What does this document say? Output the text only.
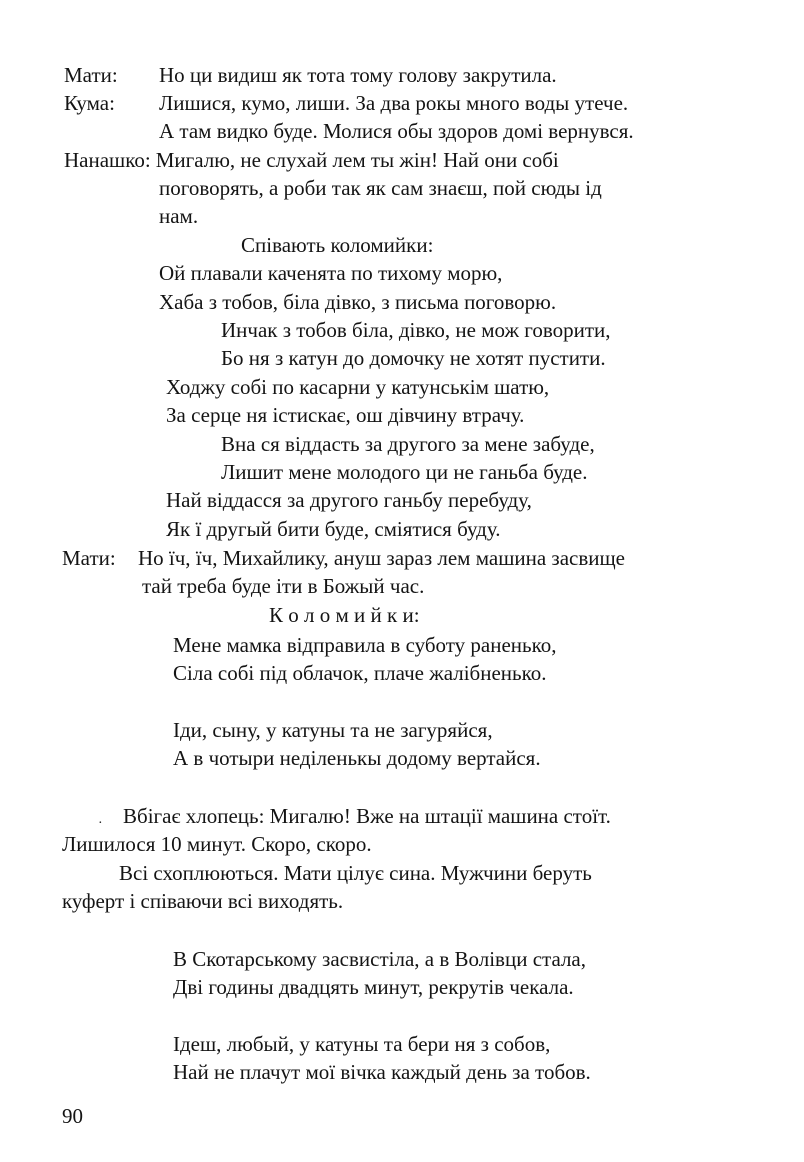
Мати: Но ци видиш як тота тому голову закрутила.
Кума: Лишися, кумо, лиши. За два рокы много воды утече.
А там видко буде. Молися обы здоров домі вернувся.
Нанашко: Мигалю, не слухай лем ты жін! Най они собі
поговорять, а роби так як сам знаєш, пой сюды ід
нам.
Співають коломийки:
Ой плавали каченята по тихому морю,
Хаба з тобов, біла дівко, з письма поговорю.
Инчак з тобов біла, дівко, не мож говорити,
Бо ня з катун до домочку не хотят пустити.
Ходжу собі по касарни у катунськім шатю,
За серце ня істискає, ош дівчину втрачу.
Вна ся віддасть за другого за мене забуде,
Лишит мене молодого ци не ганьба буде.
Най віддасся за другого ганьбу перебуду,
Як ї другый бити буде, сміятися буду.
Мати: Но їч, їч, Михайлику, ануш зараз лем машина засвище
тай треба буде іти в Божый час.
К о л о м и й к и:
Мене мамка відправила в суботу раненько,
Сіла собі під облачок, плаче жалібненько.
Іди, сыну, у катуны та не загуряйся,
А в чотыри неділенькы додому вертайся.
· Вбігає хлопець: Мигалю! Вже на штації машина стоїт.
Лишилося 10 минут. Скоро, скоро.
Всі схоплюються. Мати цілує сина. Мужчини беруть
куферт і співаючи всі виходять.
В Скотарському засвистіла, а в Волівци стала,
Дві годины двадцять минут, рекрутів чекала.
Ідеш, любый, у катуны та бери ня з собов,
Най не плачут мої вічка каждый день за тобов.
90
